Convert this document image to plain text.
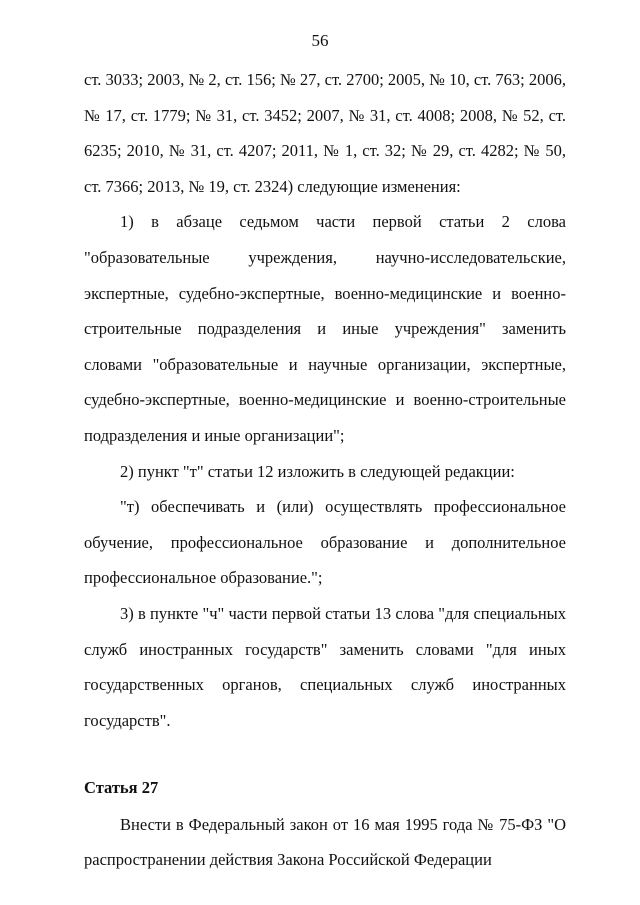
56

ст. 3033; 2003, № 2, ст. 156; № 27, ст. 2700; 2005, № 10, ст. 763; 2006, № 17, ст. 1779; № 31, ст. 3452; 2007, № 31, ст. 4008; 2008, № 52, ст. 6235; 2010, № 31, ст. 4207; 2011, № 1, ст. 32; № 29, ст. 4282; № 50, ст. 7366; 2013, № 19, ст. 2324) следующие изменения:

1) в абзаце седьмом части первой статьи 2 слова "образовательные учреждения, научно-исследовательские, экспертные, судебно-экспертные, военно-медицинские и военно-строительные подразделения и иные учреждения" заменить словами "образовательные и научные организации, экспертные, судебно-экспертные, военно-медицинские и военно-строительные подразделения и иные организации";

2) пункт "т" статьи 12 изложить в следующей редакции:

"т) обеспечивать и (или) осуществлять профессиональное обучение, профессиональное образование и дополнительное профессиональное образование.";

3) в пункте "ч" части первой статьи 13 слова "для специальных служб иностранных государств" заменить словами "для иных государственных органов, специальных служб иностранных государств".

Статья 27

Внести в Федеральный закон от 16 мая 1995 года № 75-ФЗ "О распространении действия Закона Российской Федерации
